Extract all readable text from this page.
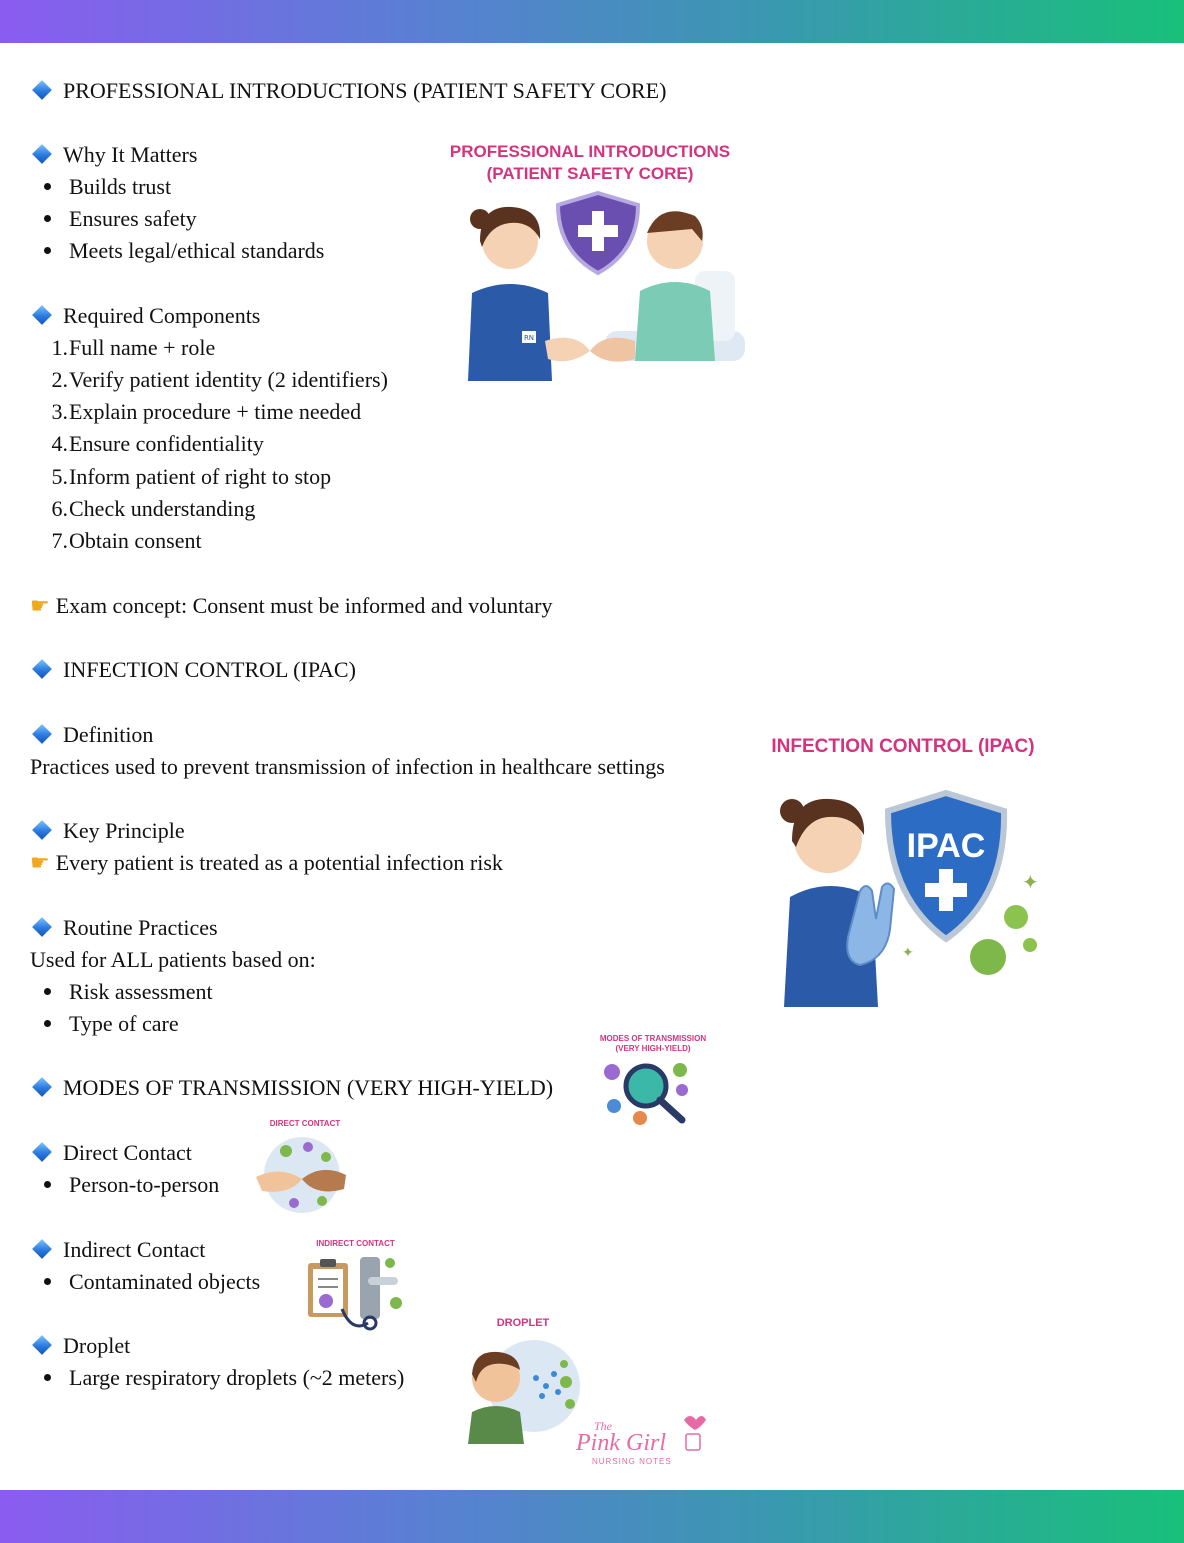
PROFESSIONAL INTRODUCTIONS (PATIENT SAFETY CORE)
Why It Matters
Builds trust
Ensures safety
Meets legal/ethical standards
Required Components
1.Full name + role
2.Verify patient identity (2 identifiers)
3.Explain procedure + time needed
4.Ensure confidentiality
5.Inform patient of right to stop
6.Check understanding
7.Obtain consent
☛ Exam concept: Consent must be informed and voluntary
PROFESSIONAL INTRODUCTIONS
(PATIENT SAFETY CORE)
RN
INFECTION CONTROL (IPAC)
Definition
Practices used to prevent transmission of infection in healthcare settings
Key Principle
☛ Every patient is treated as a potential infection risk
Routine Practices
Used for ALL patients based on:
Risk assessment
Type of care
INFECTION CONTROL (IPAC)
IPAC
✦
✦
MODES OF TRANSMISSION (VERY HIGH-YIELD)
MODES OF TRANSMISSION
(VERY HIGH-YIELD)
Direct Contact
Person-to-person
DIRECT CONTACT
Indirect Contact
Contaminated objects
INDIRECT CONTACT
Droplet
Large respiratory droplets (~2 meters)
DROPLET
The
Pink Girl
NURSING NOTES
